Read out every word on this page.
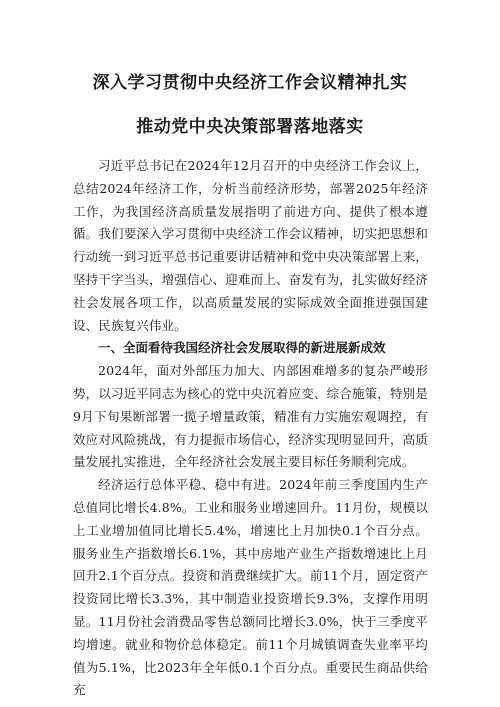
深入学习贯彻中央经济工作会议精神扎实
推动党中央决策部署落地落实

习近平总书记在2024年12月召开的中央经济工作会议上，总结2024年经济工作，分析当前经济形势，部署2025年经济工作，为我国经济高质量发展指明了前进方向、提供了根本遵循。我们要深入学习贯彻中央经济工作会议精神，切实把思想和行动统一到习近平总书记重要讲话精神和党中央决策部署上来，坚持干字当头，增强信心、迎难而上、奋发有为，扎实做好经济社会发展各项工作，以高质量发展的实际成效全面推进强国建设、民族复兴伟业。

一、全面看待我国经济社会发展取得的新进展新成效

2024年，面对外部压力加大、内部困难增多的复杂严峻形势，以习近平同志为核心的党中央沉着应变、综合施策，特别是9月下旬果断部署一揽子增量政策，精准有力实施宏观调控，有效应对风险挑战，有力提振市场信心，经济实现明显回升，高质量发展扎实推进，全年经济社会发展主要目标任务顺利完成。

经济运行总体平稳、稳中有进。2024年前三季度国内生产总值同比增长4.8%。工业和服务业增速回升。11月份，规模以上工业增加值同比增长5.4%，增速比上月加快0.1个百分点。服务业生产指数增长6.1%，其中房地产业生产指数增速比上月回升2.1个百分点。投资和消费继续扩大。前11个月，固定资产投资同比增长3.3%，其中制造业投资增长9.3%，支撑作用明显。11月份社会消费品零售总额同比增长3.0%，快于三季度平均增速。就业和物价总体稳定。前11个月城镇调查失业率平均值为5.1%，比2023年全年低0.1个百分点。重要民生商品供给充
